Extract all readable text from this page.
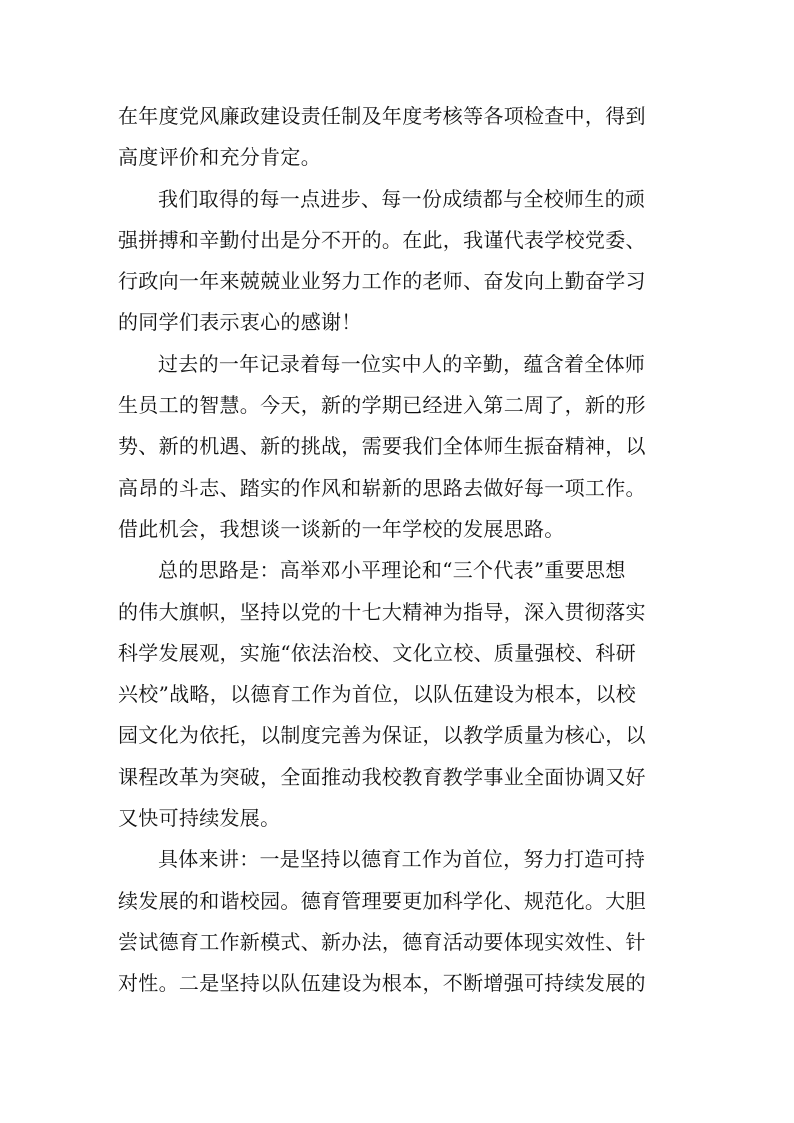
在年度党风廉政建设责任制及年度考核等各项检查中，得到
高度评价和充分肯定。
我们取得的每一点进步、每一份成绩都与全校师生的顽
强拼搏和辛勤付出是分不开的。在此，我谨代表学校党委、
行政向一年来兢兢业业努力工作的老师、奋发向上勤奋学习
的同学们表示衷心的感谢！
过去的一年记录着每一位实中人的辛勤，蕴含着全体师
生员工的智慧。今天，新的学期已经进入第二周了，新的形
势、新的机遇、新的挑战，需要我们全体师生振奋精神，以
高昂的斗志、踏实的作风和崭新的思路去做好每一项工作。
借此机会，我想谈一谈新的一年学校的发展思路。
总的思路是：高举邓小平理论和“三个代表”重要思想
的伟大旗帜，坚持以党的十七大精神为指导，深入贯彻落实
科学发展观，实施“依法治校、文化立校、质量强校、科研
兴校”战略，以德育工作为首位，以队伍建设为根本，以校
园文化为依托，以制度完善为保证，以教学质量为核心，以
课程改革为突破，全面推动我校教育教学事业全面协调又好
又快可持续发展。
具体来讲：一是坚持以德育工作为首位，努力打造可持
续发展的和谐校园。德育管理要更加科学化、规范化。大胆
尝试德育工作新模式、新办法，德育活动要体现实效性、针
对性。二是坚持以队伍建设为根本，不断增强可持续发展的
